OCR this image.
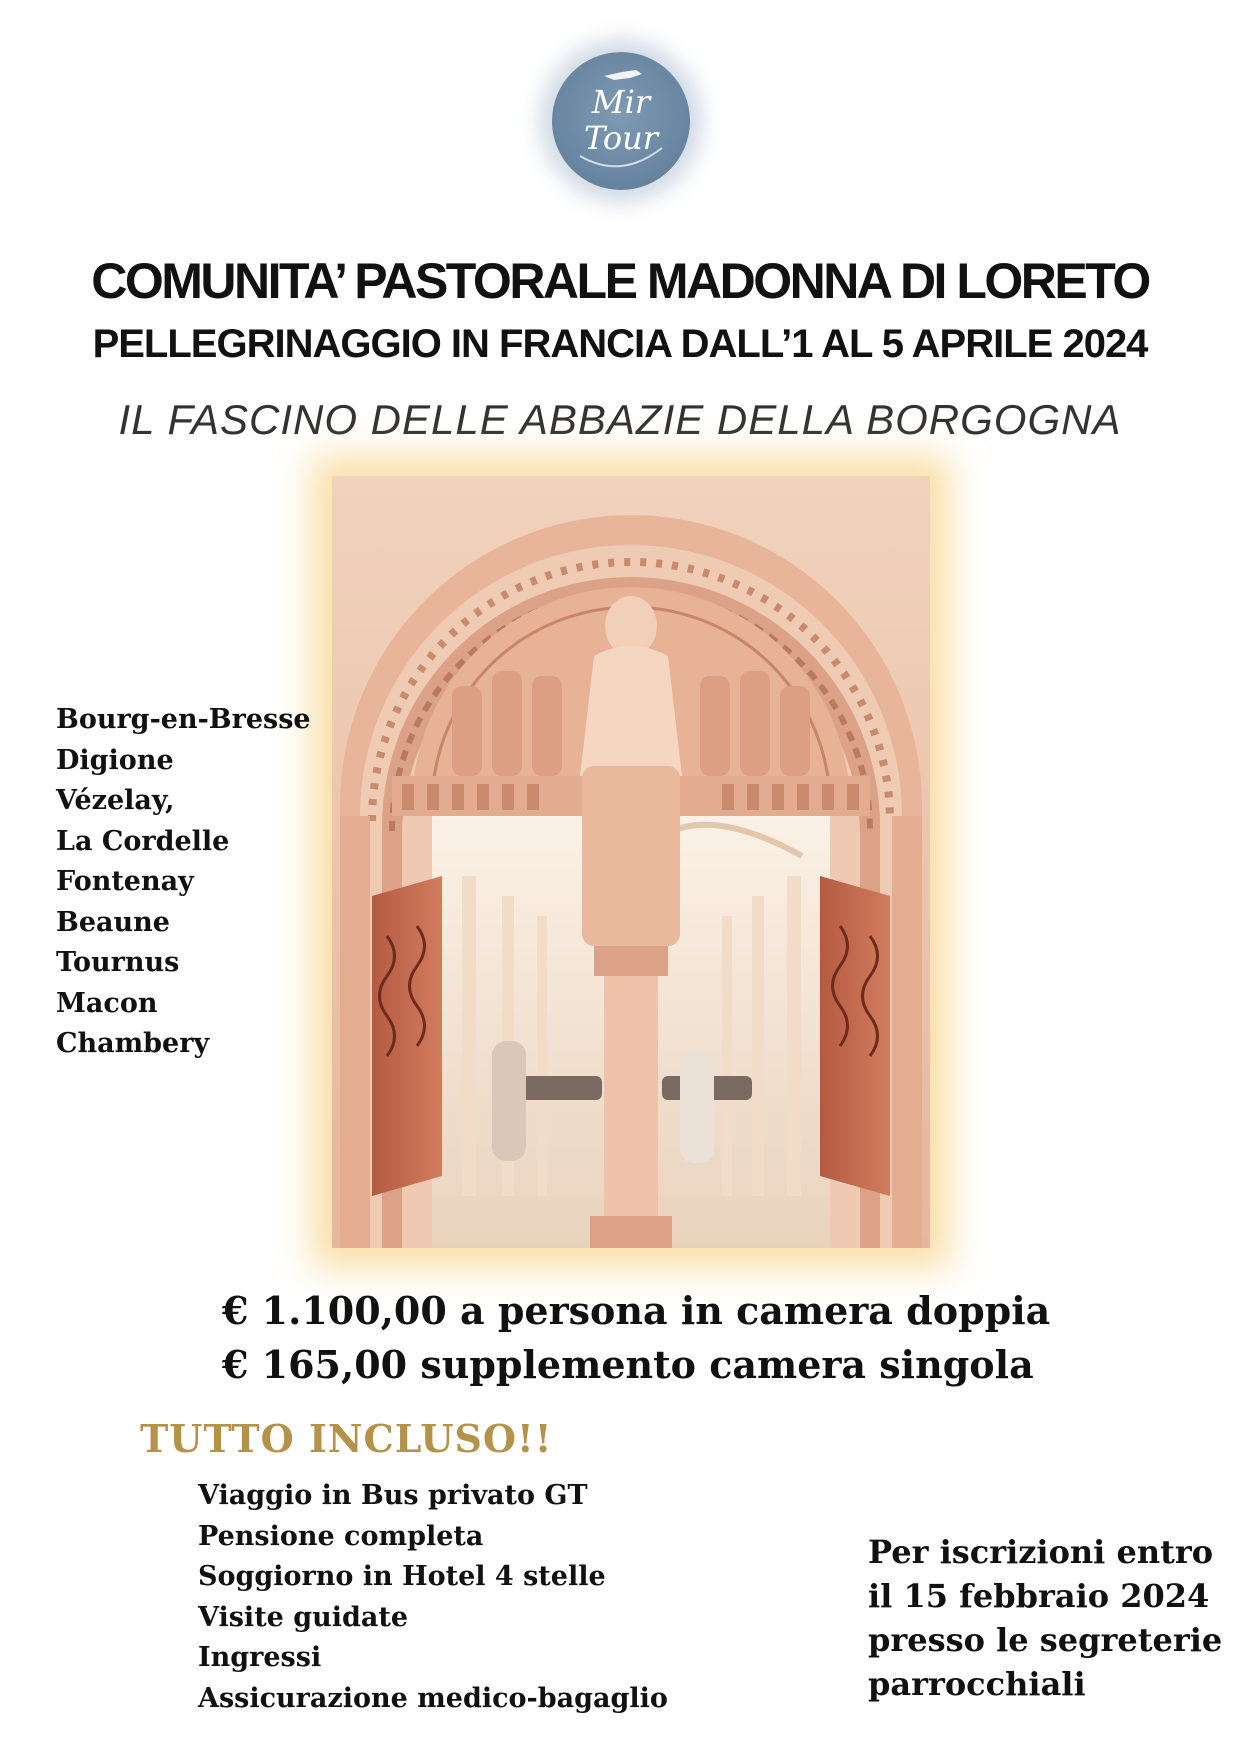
Mir
Tour
COMUNITA’ PASTORALE MADONNA DI LORETO
PELLEGRINAGGIO IN FRANCIA DALL’1 AL 5 APRILE 2024
IL FASCINO DELLE ABBAZIE DELLA BORGOGNA
Bourg-en-Bresse
Digione
Vézelay,
La Cordelle
Fontenay
Beaune
Tournus
Macon
Chambery
€ 1.100,00 a persona in camera doppia
€ 165,00 supplemento camera singola
TUTTO INCLUSO!!
Viaggio in Bus privato GT
Pensione completa
Soggiorno in Hotel 4 stelle
Visite guidate
Ingressi
Assicurazione medico-bagaglio
Per iscrizioni entro
il 15 febbraio 2024
presso le segreterie
parrocchiali
